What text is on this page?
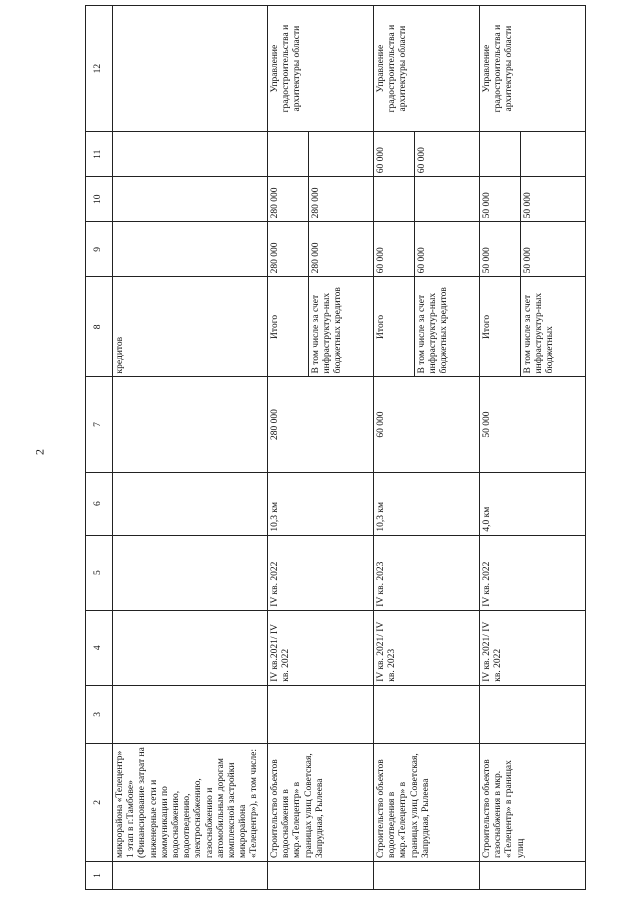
2
1	2	3	4	5	6	7	8	9	10	11	12
	микрорайона «Телецентр» 1 этап в г.Тамбове» (Финансирование затрат на инженерные сети и коммуникации по водоснабжению, водоотведению, электроснабжению, газоснабжению и автомобильным дорогам комплексной застройки микрорайона «Телецентр»), в том числе:						кредитов				
	Строительство объектов водоснабжения в мкр.«Телецентр» в границах улиц Советская, Запрудная, Рылеева		IV кв.2021/ IV кв. 2022	IV кв. 2022	10,3 км	280 000	Итого	280 000	280 000		Управление градостроительства и архитектуры области
							В том числе за счет инфраструктур-ных бюджетных кредитов	280 000	280 000		
	Строительство объектов водоотведения в мкр.«Телецентр» в границах улиц Советская, Запрудная, Рылеева		IV кв. 2021/ IV кв. 2023	IV кв. 2023	10,3 км	60 000	Итого	60 000		60 000	Управление градостроительства и архитектуры области
							В том числе за счет инфраструктур-ных бюджетных кредитов	60 000		60 000	
	Строительство объектов газоснабжения в мкр. «Телецентр» в границах улиц		IV кв. 2021/ IV кв. 2022	IV кв. 2022	4,0 км	50 000	Итого	50 000	50 000		Управление градостроительства и архитектуры области
							В том числе за счет инфраструктур-ных бюджетных	50 000	50 000		
